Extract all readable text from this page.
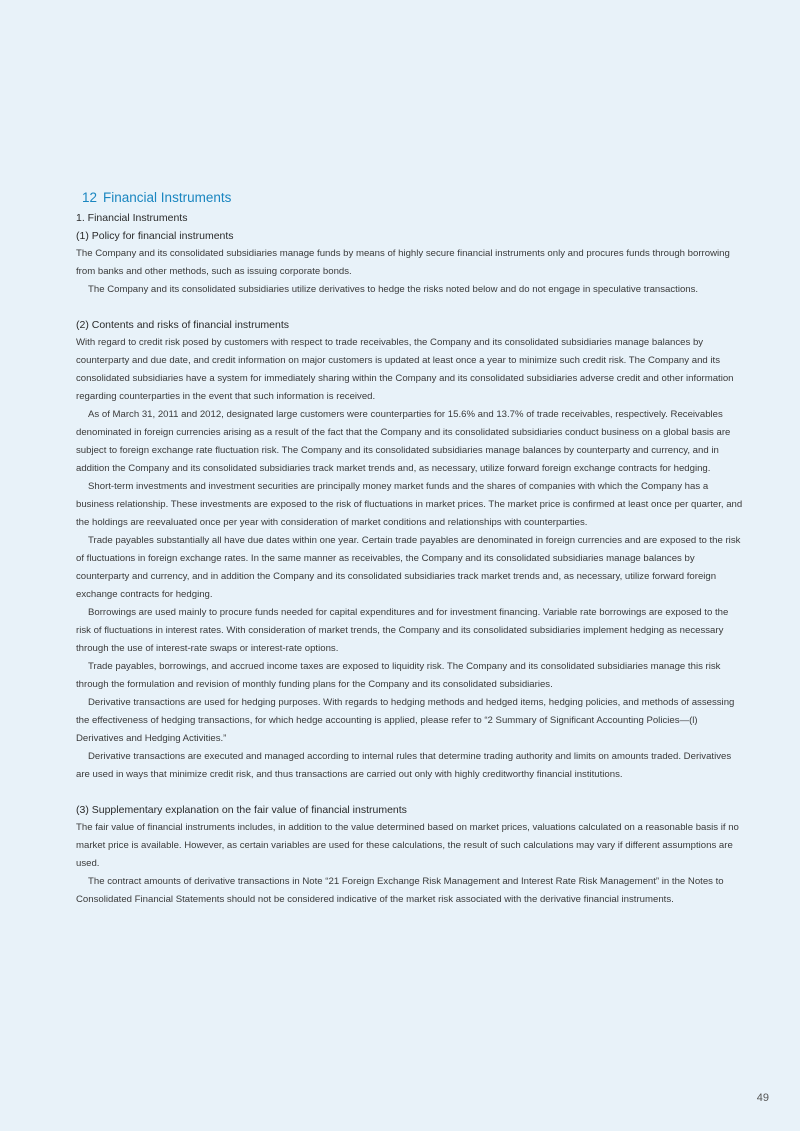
12 Financial Instruments
1. Financial Instruments
(1) Policy for financial instruments

The Company and its consolidated subsidiaries manage funds by means of highly secure financial instruments only and procures funds through borrowing from banks and other methods, such as issuing corporate bonds.

The Company and its consolidated subsidiaries utilize derivatives to hedge the risks noted below and do not engage in speculative transactions.

(2) Contents and risks of financial instruments

With regard to credit risk posed by customers with respect to trade receivables, the Company and its consolidated subsidiaries manage balances by counterparty and due date, and credit information on major customers is updated at least once a year to minimize such credit risk. The Company and its consolidated subsidiaries have a system for immediately sharing within the Company and its consolidated subsidiaries adverse credit and other information regarding counterparties in the event that such information is received.

As of March 31, 2011 and 2012, designated large customers were counterparties for 15.6% and 13.7% of trade receivables, respectively. Receivables denominated in foreign currencies arising as a result of the fact that the Company and its consolidated subsidiaries conduct business on a global basis are subject to foreign exchange rate fluctuation risk. The Company and its consolidated subsidiaries manage balances by counterparty and currency, and in addition the Company and its consolidated subsidiaries track market trends and, as necessary, utilize forward foreign exchange contracts for hedging.

Short-term investments and investment securities are principally money market funds and the shares of companies with which the Company has a business relationship. These investments are exposed to the risk of fluctuations in market prices. The market price is confirmed at least once per quarter, and the holdings are reevaluated once per year with consideration of market conditions and relationships with counterparties.

Trade payables substantially all have due dates within one year. Certain trade payables are denominated in foreign currencies and are exposed to the risk of fluctuations in foreign exchange rates. In the same manner as receivables, the Company and its consolidated subsidiaries manage balances by counterparty and currency, and in addition the Company and its consolidated subsidiaries track market trends and, as necessary, utilize forward foreign exchange contracts for hedging.

Borrowings are used mainly to procure funds needed for capital expenditures and for investment financing. Variable rate borrowings are exposed to the risk of fluctuations in interest rates. With consideration of market trends, the Company and its consolidated subsidiaries implement hedging as necessary through the use of interest-rate swaps or interest-rate options.

Trade payables, borrowings, and accrued income taxes are exposed to liquidity risk. The Company and its consolidated subsidiaries manage this risk through the formulation and revision of monthly funding plans for the Company and its consolidated subsidiaries.

Derivative transactions are used for hedging purposes. With regards to hedging methods and hedged items, hedging policies, and methods of assessing the effectiveness of hedging transactions, for which hedge accounting is applied, please refer to “2 Summary of Significant Accounting Policies—(l) Derivatives and Hedging Activities.”

Derivative transactions are executed and managed according to internal rules that determine trading authority and limits on amounts traded. Derivatives are used in ways that minimize credit risk, and thus transactions are carried out only with highly creditworthy financial institutions.

(3) Supplementary explanation on the fair value of financial instruments

The fair value of financial instruments includes, in addition to the value determined based on market prices, valuations calculated on a reasonable basis if no market price is available. However, as certain variables are used for these calculations, the result of such calculations may vary if different assumptions are used.

The contract amounts of derivative transactions in Note “21 Foreign Exchange Risk Management and Interest Rate Risk Management” in the Notes to Consolidated Financial Statements should not be considered indicative of the market risk associated with the derivative financial instruments.

49
